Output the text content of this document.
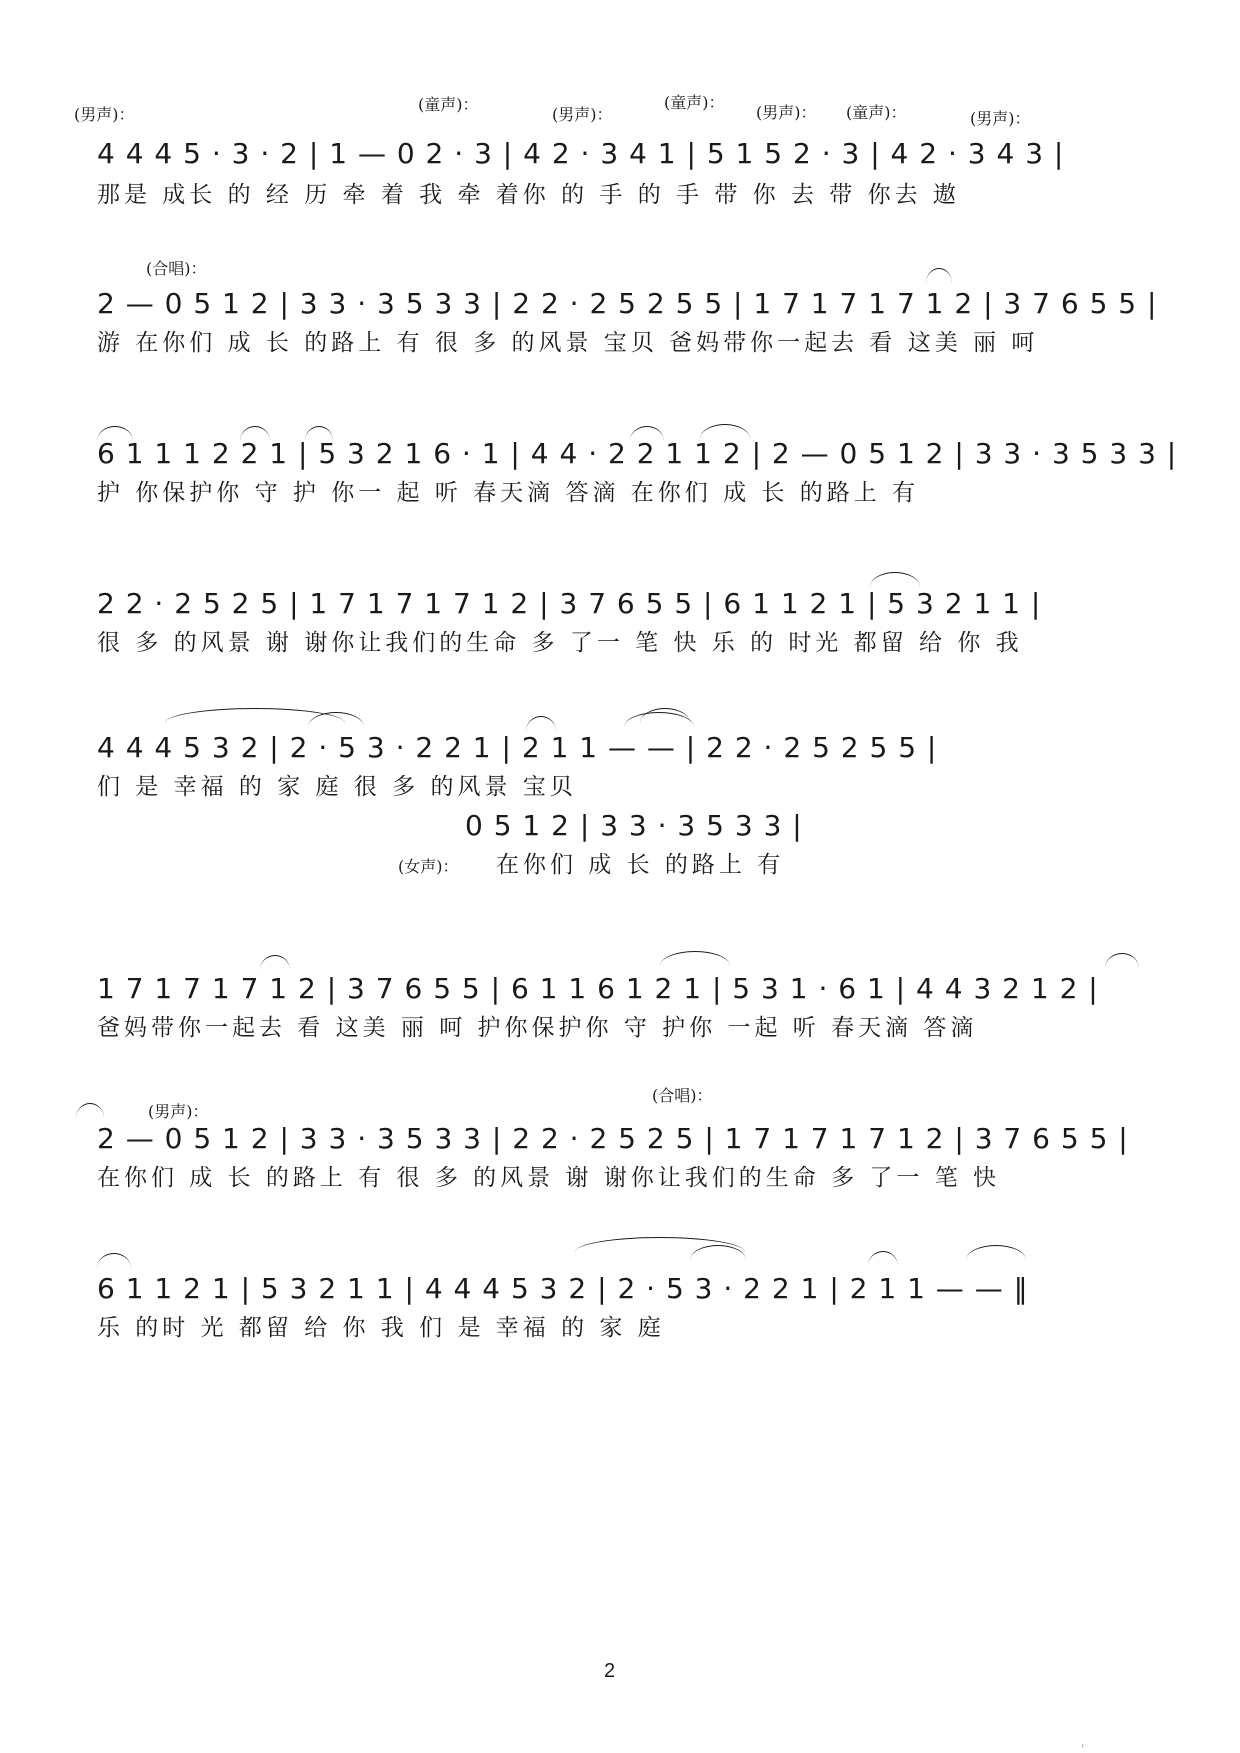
(男声)：
(童声)：
(男声)：
(童声)：
(男声)： (童声)：	(男声)：
4 4 4 5 · 3 · 2 | 1 — 0 2 · 3 | 4 2 · 3 4 1 | 5 1 5 2 · 3 | 4 2 · 3 4 3 |
那是 成长 的 经 历 牵 着 我 牵 着你 的 手 的 手 带 你 去 带 你去 遨
(合唱)：
2 — 0 5 1 2 | 3 3 · 3 5 3 3 | 2 2 · 2 5 2 5 5 | 1 7 1 7 1 7 1 2 | 3 7 6 5 5 |
游 在你们 成 长 的路上 有 很 多 的风景 宝贝 爸妈带你一起去 看 这美 丽 呵
6 1 1 1 2 2 1 | 5 3 2 1 6 · 1 | 4 4 · 2 2 1 1 2 | 2 — 0 5 1 2 | 3 3 · 3 5 3 3 |
护 你保护你 守 护 你一 起 听 春天滴 答滴 在你们 成 长 的路上 有
2 2 · 2 5 2 5 | 1 7 1 7 1 7 1 2 | 3 7 6 5 5 | 6 1 1 2 1 | 5 3 2 1 1 |
很 多 的风景 谢 谢你让我们的生命 多 了一 笔 快 乐 的 时光 都留 给 你 我
4 4 4 5 3 2 | 2 · 5 3 · 2 2 1 | 2 1 1 — — | 2 2 · 2 5 2 5 5 |
们 是 幸福 的 家 庭 很 多 的风景 宝贝
0 5 1 2 | 3 3 · 3 5 3 3 |
(女声)： 在你们 成 长 的路上 有
1 7 1 7 1 7 1 2 | 3 7 6 5 5 | 6 1 1 6 1 2 1 | 5 3 1 · 6 1 | 4 4 3 2 1 2 |
爸妈带你一起去 看 这美 丽 呵 护你保护你 守 护你 一起 听 春天滴 答滴
(男声)：
(合唱)：
2 — 0 5 1 2 | 3 3 · 3 5 3 3 | 2 2 · 2 5 2 5 | 1 7 1 7 1 7 1 2 | 3 7 6 5 5 |
在你们 成 长 的路上 有 很 多 的风景 谢 谢你让我们的生命 多 了一 笔 快
6 1 1 2 1 | 5 3 2 1 1 | 4 4 4 5 3 2 | 2 · 5 3 · 2 2 1 | 2 1 1 — — ‖
乐 的时 光 都留 给 你 我 们 是 幸福 的 家 庭
2
ᵣ
